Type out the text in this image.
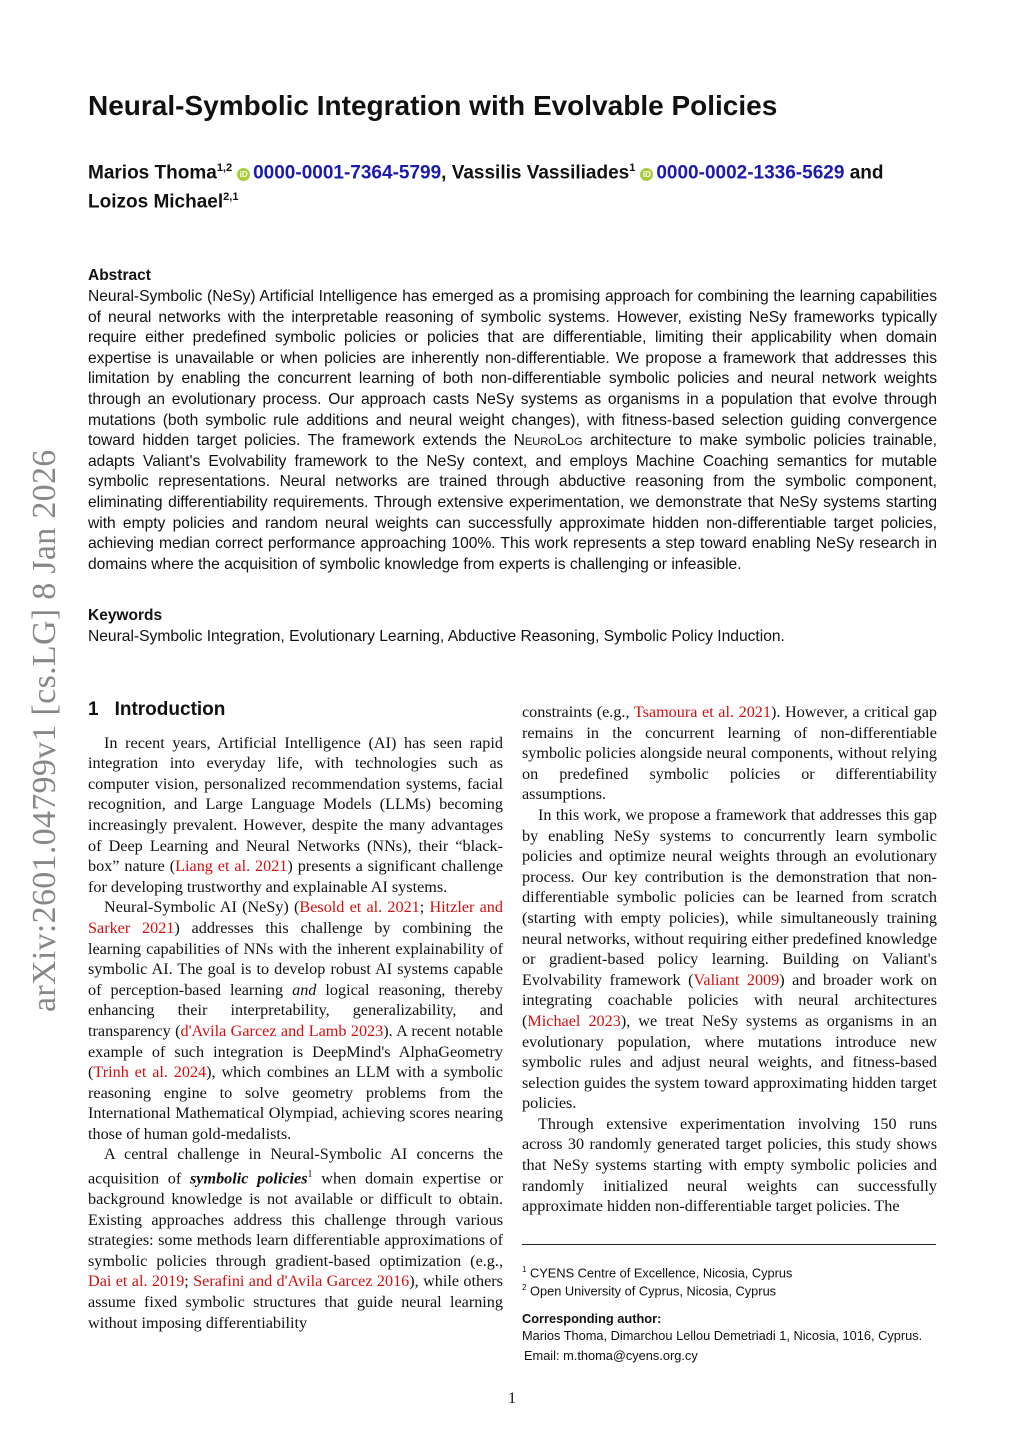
arXiv:2601.04799v1 [cs.LG] 8 Jan 2026
Neural-Symbolic Integration with Evolvable Policies
Marios Thoma$^{1,2}$iD 0000-0001-7364-5799, Vassilis Vassiliades$^1$iD 0000-0002-1336-5629 and
Loizos Michael$^{2,1}$
Abstract
Neural-Symbolic (NeSy) Artificial Intelligence has emerged as a promising approach for combining the learning capabilities of neural networks with the interpretable reasoning of symbolic systems. However, existing NeSy frameworks typically require either predefined symbolic policies or policies that are differentiable, limiting their applicability when domain expertise is unavailable or when policies are inherently non-differentiable. We propose a framework that addresses this limitation by enabling the concurrent learning of both non-differentiable symbolic policies and neural network weights through an evolutionary process. Our approach casts NeSy systems as organisms in a population that evolve through mutations (both symbolic rule additions and neural weight changes), with fitness-based selection guiding convergence toward hidden target policies. The framework extends the NeuroLog architecture to make symbolic policies trainable, adapts Valiant's Evolvability framework to the NeSy context, and employs Machine Coaching semantics for mutable symbolic representations. Neural networks are trained through abductive reasoning from the symbolic component, eliminating differentiability requirements. Through extensive experimentation, we demonstrate that NeSy systems starting with empty policies and random neural weights can successfully approximate hidden non-differentiable target policies, achieving median correct performance approaching 100%. This work represents a step toward enabling NeSy research in domains where the acquisition of symbolic knowledge from experts is challenging or infeasible.
Keywords
Neural-Symbolic Integration, Evolutionary Learning, Abductive Reasoning, Symbolic Policy Induction.
1 Introduction

In recent years, Artificial Intelligence (AI) has seen rapid integration into everyday life, with technologies such as computer vision, personalized recommendation systems, facial recognition, and Large Language Models (LLMs) becoming increasingly prevalent. However, despite the many advantages of Deep Learning and Neural Networks (NNs), their “black-box” nature (Liang et al. 2021) presents a significant challenge for developing trustworthy and explainable AI systems.

Neural-Symbolic AI (NeSy) (Besold et al. 2021; Hitzler and Sarker 2021) addresses this challenge by combining the learning capabilities of NNs with the inherent explainability of symbolic AI. The goal is to develop robust AI systems capable of perception-based learning and logical reasoning, thereby enhancing their interpretability, generalizability, and transparency (d'Avila Garcez and Lamb 2023). A recent notable example of such integration is DeepMind's AlphaGeometry (Trinh et al. 2024), which combines an LLM with a symbolic reasoning engine to solve geometry problems from the International Mathematical Olympiad, achieving scores nearing those of human gold-medalists.

A central challenge in Neural-Symbolic AI concerns the acquisition of symbolic policies$^1$ when domain expertise or background knowledge is not available or difficult to obtain. Existing approaches address this challenge through various strategies: some methods learn differentiable approximations of symbolic policies through gradient-based optimization (e.g., Dai et al. 2019; Serafini and d'Avila Garcez 2016), while others assume fixed symbolic structures that guide neural learning without imposing differentiability

constraints (e.g., Tsamoura et al. 2021). However, a critical gap remains in the concurrent learning of non-differentiable symbolic policies alongside neural components, without relying on predefined symbolic policies or differentiability assumptions.

In this work, we propose a framework that addresses this gap by enabling NeSy systems to concurrently learn symbolic policies and optimize neural weights through an evolutionary process. Our key contribution is the demonstration that non-differentiable symbolic policies can be learned from scratch (starting with empty policies), while simultaneously training neural networks, without requiring either predefined knowledge or gradient-based policy learning. Building on Valiant's Evolvability framework (Valiant 2009) and broader work on integrating coachable policies with neural architectures (Michael 2023), we treat NeSy systems as organisms in an evolutionary population, where mutations introduce new symbolic rules and adjust neural weights, and fitness-based selection guides the system toward approximating hidden target policies.

Through extensive experimentation involving 150 runs across 30 randomly generated target policies, this study shows that NeSy systems starting with empty symbolic policies and randomly initialized neural weights can successfully approximate hidden non-differentiable target policies. The

$^1$ CYENS Centre of Excellence, Nicosia, Cyprus
$^2$ Open University of Cyprus, Nicosia, Cyprus
Corresponding author:
Marios Thoma, Dimarchou Lellou Demetriadi 1, Nicosia, 1016, Cyprus.
Email: m.thoma@cyens.org.cy
1
